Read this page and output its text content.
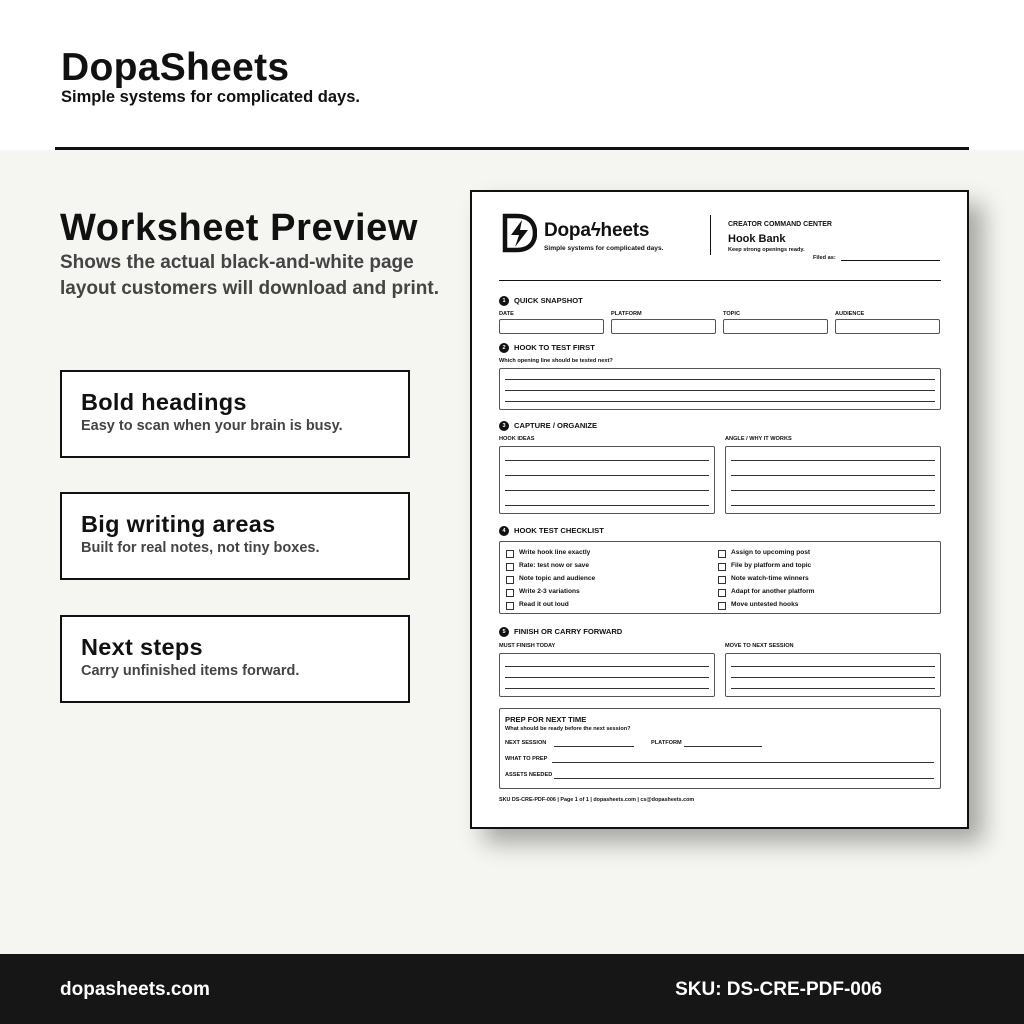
DopaSheets
Simple systems for complicated days.
Worksheet Preview
Shows the actual black-and-white page layout customers will download and print.
Bold headings
Easy to scan when your brain is busy.
Big writing areas
Built for real notes, not tiny boxes.
Next steps
Carry unfinished items forward.
Dopaϟheets
Simple systems for complicated days.
CREATOR COMMAND CENTER
Hook Bank
Keep strong openings ready.
Filed as:
1	QUICK SNAPSHOT
DATE	PLATFORM	TOPIC	AUDIENCE
2	HOOK TO TEST FIRST
Which opening line should be tested next?
3	CAPTURE / ORGANIZE
HOOK IDEAS	ANGLE / WHY IT WORKS
4	HOOK TEST CHECKLIST
Write hook line exactly
Rate: test now or save
Note topic and audience
Write 2-3 variations
Read it out loud
Assign to upcoming post
File by platform and topic
Note watch-time winners
Adapt for another platform
Move untested hooks
5	FINISH OR CARRY FORWARD
MUST FINISH TODAY	MOVE TO NEXT SESSION
PREP FOR NEXT TIME
What should be ready before the next session?
NEXT SESSION	PLATFORM
WHAT TO PREP
ASSETS NEEDED
SKU DS-CRE-PDF-006 | Page 1 of 1 | dopasheets.com | cs@dopasheets.com
dopasheets.com	SKU: DS-CRE-PDF-006
